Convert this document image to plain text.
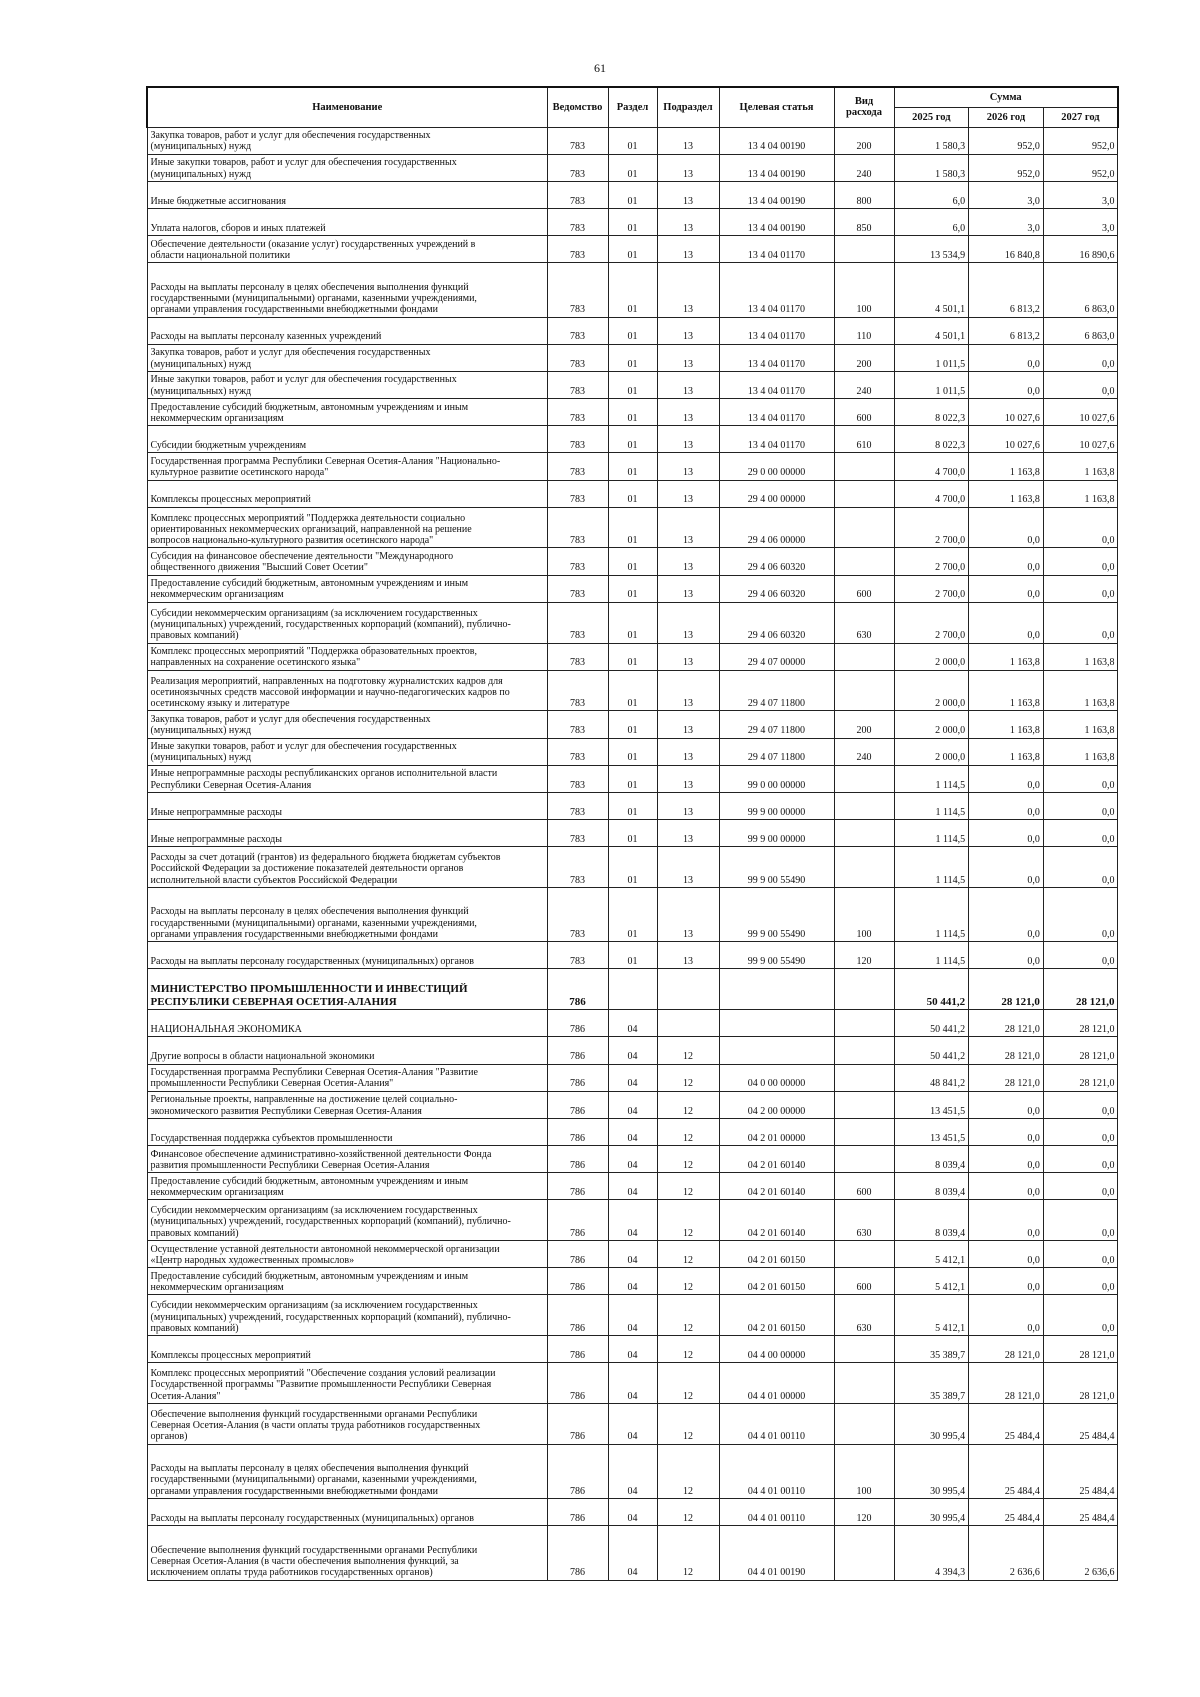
61
Наименование	Ведомство	Раздел	Подраздел	Целевая статья	Вид расхода	Сумма		
						2025 год	2026 год	2027 год
Закупка товаров, работ и услуг для обеспечения государственных
(муниципальных) нужд	783	01	13	13 4 04 00190	200	1 580,3	952,0	952,0
Иные закупки товаров, работ и услуг для обеспечения государственных
(муниципальных) нужд	783	01	13	13 4 04 00190	240	1 580,3	952,0	952,0
Иные бюджетные ассигнования	783	01	13	13 4 04 00190	800	6,0	3,0	3,0
Уплата налогов, сборов и иных платежей	783	01	13	13 4 04 00190	850	6,0	3,0	3,0
Обеспечение деятельности (оказание услуг) государственных учреждений в
области национальной политики	783	01	13	13 4 04 01170		13 534,9	16 840,8	16 890,6
Расходы на выплаты персоналу в целях обеспечения выполнения функций
государственными (муниципальными) органами, казенными учреждениями,
органами управления государственными внебюджетными фондами	783	01	13	13 4 04 01170	100	4 501,1	6 813,2	6 863,0
Расходы на выплаты персоналу казенных учреждений	783	01	13	13 4 04 01170	110	4 501,1	6 813,2	6 863,0
Закупка товаров, работ и услуг для обеспечения государственных
(муниципальных) нужд	783	01	13	13 4 04 01170	200	1 011,5	0,0	0,0
Иные закупки товаров, работ и услуг для обеспечения государственных
(муниципальных) нужд	783	01	13	13 4 04 01170	240	1 011,5	0,0	0,0
Предоставление субсидий бюджетным, автономным учреждениям и иным
некоммерческим организациям	783	01	13	13 4 04 01170	600	8 022,3	10 027,6	10 027,6
Субсидии бюджетным учреждениям	783	01	13	13 4 04 01170	610	8 022,3	10 027,6	10 027,6
Государственная программа Республики Северная Осетия-Алания "Национально-
культурное развитие осетинского народа"	783	01	13	29 0 00 00000		4 700,0	1 163,8	1 163,8
Комплексы процессных мероприятий	783	01	13	29 4 00 00000		4 700,0	1 163,8	1 163,8
Комплекс процессных мероприятий "Поддержка деятельности социально
ориентированных некоммерческих организаций, направленной на решение
вопросов национально-культурного развития осетинского народа"	783	01	13	29 4 06 00000		2 700,0	0,0	0,0
Субсидия на финансовое обеспечение деятельности "Международного
общественного движения "Высший Совет Осетии"	783	01	13	29 4 06 60320		2 700,0	0,0	0,0
Предоставление субсидий бюджетным, автономным учреждениям и иным
некоммерческим организациям	783	01	13	29 4 06 60320	600	2 700,0	0,0	0,0
Субсидии некоммерческим организациям (за исключением государственных
(муниципальных) учреждений, государственных корпораций (компаний), публично-
правовых компаний)	783	01	13	29 4 06 60320	630	2 700,0	0,0	0,0
Комплекс процессных мероприятий "Поддержка образовательных проектов,
направленных на сохранение осетинского языка"	783	01	13	29 4 07 00000		2 000,0	1 163,8	1 163,8
Реализация мероприятий, направленных на подготовку журналистских кадров для
осетиноязычных средств массовой информации и научно-педагогических кадров по
осетинскому языку и литературе	783	01	13	29 4 07 11800		2 000,0	1 163,8	1 163,8
Закупка товаров, работ и услуг для обеспечения государственных
(муниципальных) нужд	783	01	13	29 4 07 11800	200	2 000,0	1 163,8	1 163,8
Иные закупки товаров, работ и услуг для обеспечения государственных
(муниципальных) нужд	783	01	13	29 4 07 11800	240	2 000,0	1 163,8	1 163,8
Иные непрограммные расходы республиканских органов исполнительной власти
Республики Северная Осетия-Алания	783	01	13	99 0 00 00000		1 114,5	0,0	0,0
Иные непрограммные расходы	783	01	13	99 9 00 00000		1 114,5	0,0	0,0
Иные непрограммные расходы	783	01	13	99 9 00 00000		1 114,5	0,0	0,0
Расходы за счет дотаций (грантов) из федерального бюджета бюджетам субъектов
Российской Федерации за достижение показателей деятельности органов
исполнительной власти субъектов Российской Федерации	783	01	13	99 9 00 55490		1 114,5	0,0	0,0
Расходы на выплаты персоналу в целях обеспечения выполнения функций
государственными (муниципальными) органами, казенными учреждениями,
органами управления государственными внебюджетными фондами	783	01	13	99 9 00 55490	100	1 114,5	0,0	0,0
Расходы на выплаты персоналу государственных (муниципальных) органов	783	01	13	99 9 00 55490	120	1 114,5	0,0	0,0
МИНИСТЕРСТВО ПРОМЫШЛЕННОСТИ И ИНВЕСТИЦИЙ
РЕСПУБЛИКИ СЕВЕРНАЯ ОСЕТИЯ-АЛАНИЯ	786					50 441,2	28 121,0	28 121,0
НАЦИОНАЛЬНАЯ ЭКОНОМИКА	786	04				50 441,2	28 121,0	28 121,0
Другие вопросы в области национальной экономики	786	04	12			50 441,2	28 121,0	28 121,0
Государственная программа Республики Северная Осетия-Алания "Развитие
промышленности Республики Северная Осетия-Алания"	786	04	12	04 0 00 00000		48 841,2	28 121,0	28 121,0
Региональные проекты, направленные на достижение целей социально-
экономического развития Республики Северная Осетия-Алания	786	04	12	04 2 00 00000		13 451,5	0,0	0,0
Государственная поддержка субъектов промышленности	786	04	12	04 2 01 00000		13 451,5	0,0	0,0
Финансовое обеспечение административно-хозяйственной деятельности Фонда
развития промышленности Республики Северная Осетия-Алания	786	04	12	04 2 01 60140		8 039,4	0,0	0,0
Предоставление субсидий бюджетным, автономным учреждениям и иным
некоммерческим организациям	786	04	12	04 2 01 60140	600	8 039,4	0,0	0,0
Субсидии некоммерческим организациям (за исключением государственных
(муниципальных) учреждений, государственных корпораций (компаний), публично-
правовых компаний)	786	04	12	04 2 01 60140	630	8 039,4	0,0	0,0
Осуществление уставной деятельности автономной некоммерческой организации
«Центр народных художественных промыслов»	786	04	12	04 2 01 60150		5 412,1	0,0	0,0
Предоставление субсидий бюджетным, автономным учреждениям и иным
некоммерческим организациям	786	04	12	04 2 01 60150	600	5 412,1	0,0	0,0
Субсидии некоммерческим организациям (за исключением государственных
(муниципальных) учреждений, государственных корпораций (компаний), публично-
правовых компаний)	786	04	12	04 2 01 60150	630	5 412,1	0,0	0,0
Комплексы процессных мероприятий	786	04	12	04 4 00 00000		35 389,7	28 121,0	28 121,0
Комплекс процессных мероприятий "Обеспечение создания условий реализации
Государственной программы "Развитие промышленности Республики Северная
Осетия-Алания"	786	04	12	04 4 01 00000		35 389,7	28 121,0	28 121,0
Обеспечение выполнения функций государственными органами Республики
Северная Осетия-Алания (в части оплаты труда работников государственных
органов)	786	04	12	04 4 01 00110		30 995,4	25 484,4	25 484,4
Расходы на выплаты персоналу в целях обеспечения выполнения функций
государственными (муниципальными) органами, казенными учреждениями,
органами управления государственными внебюджетными фондами	786	04	12	04 4 01 00110	100	30 995,4	25 484,4	25 484,4
Расходы на выплаты персоналу государственных (муниципальных) органов	786	04	12	04 4 01 00110	120	30 995,4	25 484,4	25 484,4
Обеспечение выполнения функций государственными органами Республики
Северная Осетия-Алания (в части обеспечения выполнения функций, за
исключением оплаты труда работников государственных органов)	786	04	12	04 4 01 00190		4 394,3	2 636,6	2 636,6
